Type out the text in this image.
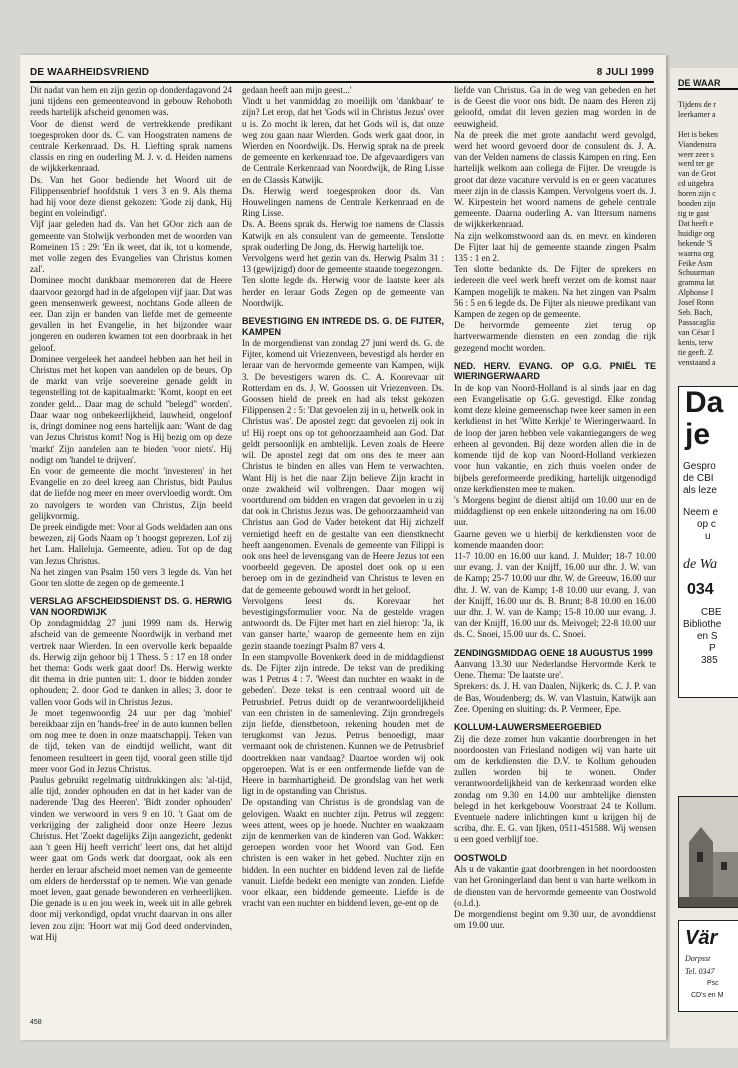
DE WAARHEIDSVRIEND	8 JULI 1999

Dit nadat van hem en zijn gezin op donderdagavond 24 juni tijdens een gemeenteavond in gebouw Rehoboth reeds hartelijk afscheid genomen was.

Voor de dienst werd de vertrekkende predikant toegesproken door ds. C. van Hoogstraten namens de centrale Kerkenraad. Ds. H. Liefting sprak namens classis en ring en ouderling M. J. v. d. Heiden namens de wijkkerkenraad.

Ds. Van het Goor bediende het Woord uit de Filippensenbrief hoofdstuk 1 vers 3 en 9. Als thema had hij voor deze dienst gekozen: 'Gode zij dank, Hij begint en voleindigt'.

Vijf jaar geleden had ds. Van het GOor zich aan de gemeente van Stolwijk verbonden met de woorden van Romeinen 15 : 29: 'En ik weet, dat ik, tot u komende, met volle zegen des Evangelies van Christus komen zal'.

Dominee mocht dankbaar memoreren dat de Heere daarvoor gezorgd had in de afgelopen vijf jaar. Dat was geen mensenwerk geweest, nochtans Gode alleen de eer. Dan zijn er banden van liefde met de gemeente gevallen in het Evangelie, in het bijzonder waar jongeren en ouderen kwamen tot een doorbraak in het geloof.

Dominee vergeleek het aandeel hebben aan het heil in Christus met het kopen van aandelen op de beurs. Op de markt van vrije soevereine genade geldt in tegenstelling tot de kapitaalmarkt: 'Komt, koopt en eet zonder geld... Daar mag de schuld "belegd" worden'. Daar waar nog onbekeerlijkheid, lauwheid, ongeloof is, dringt dominee nog eens hartelijk aan: 'Want de dag van Jezus Christus komt! Nog is Hij bezig om op deze 'markt' Zijn aandelen aan te bieden 'voor niets'. Hij nodigt om 'handel te drijven'.

En voor de gemeente die mocht 'investeren' in het Evangelie en zo deel kreeg aan Christus, bidt Paulus dat de liefde nog meer en meer overvloedig wordt. Om zo navolgers te worden van Christus, Zijn beeld gelijkvormig.

De preek eindigde met: Voor al Gods weldaden aan ons bewezen, zij Gods Naam op 't hoogst geprezen. Lof zij het Lam. Halleluja. Gemeente, adieu. Tot op de dag van Jezus Christus.

Na het zingen van Psalm 150 vers 3 legde ds. Van het Goor ten slotte de zegen op de gemeente.1

VERSLAG AFSCHEIDSDIENST DS. G. HERWIG VAN NOORDWIJK

Op zondagmiddag 27 juni 1999 nam ds. Herwig afscheid van de gemeente Noordwijk in verband met vertrek naar Wierden. In een overvolle kerk bepaalde ds. Herwig zijn gehoor bij 1 Thess. 5 : 17 en 18 onder het thema: Gods werk gaat door! Ds. Herwig werkte dit thema in drie punten uit: 1. door te bidden zonder ophouden; 2. door God te danken in alles; 3. door te vallen voor Gods wil in Christus Jezus.

Je moet tegenwoordig 24 uur per dag 'mobiel' bereikbaar zijn en 'hands-free' in de auto kunnen bellen om nog mee te doen in onze maatschappij. Teken van de tijd, teken van de eindtijd wellicht, want dit fenomeen resulteert in geen tijd, vooral geen stille tijd meer voor God in Jezus Christus.

Paulus gebruikt regelmatig uitdrukkingen als: 'al-tijd, alle tijd, zonder ophouden en dat in het kader van de naderende 'Dag des Heeren'. 'Bidt zonder ophouden' vinden we verwoord in vers 9 en 10. 't Gaat om de verkrijging der zaligheid door onze Heere Jezus Christus. Het 'Zoekt dagelijks Zijn aangezicht, gedenkt aan 't geen Hij heeft verricht' leert ons, dat het altijd weer gaat om Gods werk dat doorgaat, ook als een herder en leraar afscheid moet nemen van de gemeente om elders de herdersstaf op te nemen. Wie van genade moet leven, gaat genade bewonderen en verheerlijken. Die genade is u en jou week in, week uit in alle gebrek door mij verkondigd, opdat vrucht daarvan in ons aller leven zou zijn: 'Hoort wat mij God deed ondervinden, wat Hij

gedaan heeft aan mijn geest...'

Vindt u het vanmiddag zo moeilijk om 'dankbaar' te zijn? Let erop, dat het 'Gods wil in Christus Jezus' over u is. Zo mocht ik leren, dat het Gods wil is, dat onze weg zou gaan naar Wierden. Gods werk gaat door, in Wierden en Noordwijk. Ds. Herwig sprak na de preek de gemeente en kerkenraad toe. De afgevaardigers van de Centrale Kerkenraad van Noordwijk, de Ring Lisse en de Classis Katwijk.

Ds. Herwig werd toegesproken door ds. Van Houwelingen namens de Centrale Kerkenraad en de Ring Lisse.

Ds. A. Beens sprak ds. Herwig toe namens de Classis Katwijk en als consulent van de gemeente. Tenslotte sprak ouderling De Jong, ds. Herwig hartelijk toe.

Vervolgens werd het gezin van ds. Herwig Psalm 31 : 13 (gewijzigd) door de gemeente staande toegezongen.

Ten slotte legde ds. Herwig voor de laatste keer als herder en leraar Gods Zegen op de gemeente van Noordwijk.

BEVESTIGING EN INTREDE DS. G. DE FIJTER, KAMPEN

In de morgendienst van zondag 27 juni werd ds. G. de Fijter, komend uit Vriezenveen, bevestigd als herder en leraar van de hervormde gemeente van Kampen, wijk 3. De bevestigers waren ds. C. A. Koorevaar uit Rotterdam en ds. J. W. Goossen uit Vriezenveen. Ds. Goossen hield de preek en had als tekst gekozen Filippensen 2 : 5: 'Dat gevoelen zij in u, hetwelk ook in Christus was'. De apostel zegt: dat gevoelen zij ook in u! Hij roept ons op tot gehoorzaamheid aan God. Dat geldt persoonlijk en ambtelijk. Leven zoals de Heere wil. De apostel zegt dat om ons des te meer aan Christus te binden en alles van Hem te verwachten. Want Hij is het die naar Zijn believe Zijn kracht in onze zwakheid wil volbrengen. Daar mogen wij voortdurend om bidden en vragen dat gevoelen in u zij dat ook in Christus Jezus was. De gehoorzaamheid van Christus aan God de Vader betekent dat Hij zichzelf vernietigd heeft en de gestalte van een dienstknecht heeft aangenomen. Evenals de gemeente van Filippi is ook ons heel de levensgang van de Heere Jezus tot een voorbeeld gegeven. De apostel doet ook op u een beroep om in de gezindheid van Christus te leven en dat de gemeente gebouwd wordt in het geloof.

Vervolgens leest ds. Korevaar het bevestigingsformulier voor. Na de gestelde vragen antwoordt ds. De Fijter met hart en ziel hierop: 'Ja, ik van ganser harte,' waarop de gemeente hem en zijn gezin staande toezingt Psalm 87 vers 4.

In een stampvolle Bovenkerk deed in de middagdienst ds. De Fijter zijn intrede. De tekst van de prediking was 1 Petrus 4 : 7. 'Weest dan nuchter en waakt in de gebeden'. Deze tekst is een centraal woord uit de Petrusbrief. Petrus duidt op de verantwoordelijkheid van een christen in de samenleving. Zijn grondregels zijn liefde, dienstbetoon, rekening houden met de terugkomst van Jezus. Petrus benoedigt, maar vermaant ook de christenen. Kunnen we de Petrusbrief doortrekken naar vandaag? Daartoe worden wij ook opgeroepen. Wat is er een ontfermende liefde van de Heere in barmhartigheid. De grondslag van het werk ligt in de opstanding van Christus.

De opstanding van Christus is de grondslag van de gelovigen. Waakt en nuchter zijn. Petrus wil zeggen: wees attent, wees op je hoede. Nuchter en waakzaam zijn de kenmerken van de kinderen van God. Wakker: geroepen worden voor het Woord van God. Een christen is een waker in het gebed. Nuchter zijn en bidden. In een nuchter en biddend leven zal de liefde vanuit. Liefde bedekt een menigte van zonden. Liefde voor elkaar, een biddende gemeente. Liefde is de vracht van een nuchter en biddend leven, ge-ent op de

liefde van Christus. Ga in de weg van gebeden en het is de Geest die voor ons bidt. De naam des Heren zij geloofd, omdat dit leven gezien mag worden in de eeuwigheid.

Na de preek die met grote aandacht werd gevolgd, werd het woord gevoerd door de consulent ds. J. A. van der Velden namens de classis Kampen en ring. Een hartelijk welkom aan collega de Fijter. De vreugde is groot dat deze vacature vervuld is en er geen vacatures meer zijn in de classis Kampen. Vervolgens voert ds. J. W. Kirpestein het woord namens de gehele centrale gemeente. Daarna ouderling A. van Ittersum namens de wijkkerkenraad.

Na zijn welkomstwoord aan ds. en mevr. en kinderen De Fijter laat hij de gemeente staande zingen Psalm 135 : 1 en 2.

Ten slotte bedankte ds. De Fijter de sprekers en iedereen die veel werk heeft verzet om de komst naar Kampen mogelijk te maken. Na het zingen van Psalm 56 : 5 en 6 legde ds. De Fijter als nieuwe predikant van Kampen de zegen op de gemeente.

De hervormde gemeente ziet terug op hartverwarmende diensten en een zondag die rijk gezegend mocht worden.

NED. HERV. EVANG. OP G.G. PNIËL TE WIERINGERWAARD

In de kop van Noord-Holland is al sinds jaar en dag een Evangelisatie op G.G. gevestigd. Elke zondag komt deze kleine gemeenschap twee keer samen in een kerkdienst in het 'Witte Kerkje' te Wieringerwaard. In de loop der jaren hebben vele vakantiegangers de weg erheen al gevonden. Bij deze worden allen die in de komende tijd de kop van Noord-Holland verkiezen voor hun vakantie, en zich thuis voelen onder de bijbels gereformeerde prediking, hartelijk uitgenodigd onze kerkdiensten mee te maken.

's Morgens begint de dienst altijd om 10.00 uur en de middagdienst op een enkele uitzondering na om 16.00 uur.

Gaarne geven we u hierbij de kerkdiensten voor de komende maanden door:

11-7 10.00 en 16.00 uur kand. J. Mulder; 18-7 10.00 uur evang. J. van der Knijff, 16.00 uur dhr. J. W. van de Kamp; 25-7 10.00 uur dhr. W. de Greeuw, 16.00 uur dhr. J. W. van de Kamp; 1-8 10.00 uur evang. J. van der Knijff, 16.00 uur ds. B. Brunt; 8-8 10.00 en 16.00 uur dhr. J. W. van de Kamp; 15-8 10.00 uur evang. J. van der Knijff, 16.00 uur ds. Meivogel; 22-8 10.00 uur ds. C. Snoei, 15.00 uur ds. C. Snoei.

ZENDINGSMIDDAG OENE 18 AUGUSTUS 1999

Aanvang 13.30 uur Nederlandse Hervormde Kerk te Oene. Thema: 'De laatste ure'.

Sprekers: ds. J. H. van Daalen, Nijkerk; ds. C. J. P. van de Bas, Woudenberg; ds. W. van Vlastuin, Katwijk aan Zee. Opening en sluiting: ds. P. Vermeer, Epe.

KOLLUM-LAUWERSMEERGEBIED

Zij die deze zomer hun vakantie doorbrengen in het noordoosten van Friesland nodigen wij van harte uit om de kerkdiensten die D.V. te Kollum gehouden zullen worden bij te wonen. Onder verantwoordelijkheid van de kerkenraad worden elke zondag om 9.30 en 14.00 uur ambtelijke diensten belegd in het kerkgebouw Voorstraat 24 te Kollum. Eventuele nadere inlichtingen kunt u krijgen bij de scriba, dhr. E. G. van Ijken, 0511-451588. Wij wensen u een goed verblijf toe.

OOSTWOLD

Als u de vakantie gaat doorbrengen in het noordoosten van het Groningerland dan bent u van harte welkom in de diensten van de hervormde gemeente van Oostwold (o.l.d.).

De morgendienst begint om 9.30 uur, de avonddienst om 19.00 uur.

458
DE WAAR
Tijdens de r
leerkamer a

Het is beken
Viandenstra
weer zeer s
werd ter ge
van de Grot
cd uitgebra
horen zijn c
bonden zijn
tig te gast
Dat heeft e
huidige org
bekende 'S
waarna org
Feike Asm
Schuurman
gramma lat
Alphonse I
Josef Ronn
Seb. Bach,
Passacaglia
van César I
kenis, terw
tie geeft. Z
venstaand a
Da
je
Gespro
de CBI
als leze
Neem e
op c
u
de Wa
034
CBE
Bibliothe
en S
P
385
Vär
Dorpsst
Tel. 0347
Psc
CD's en M
